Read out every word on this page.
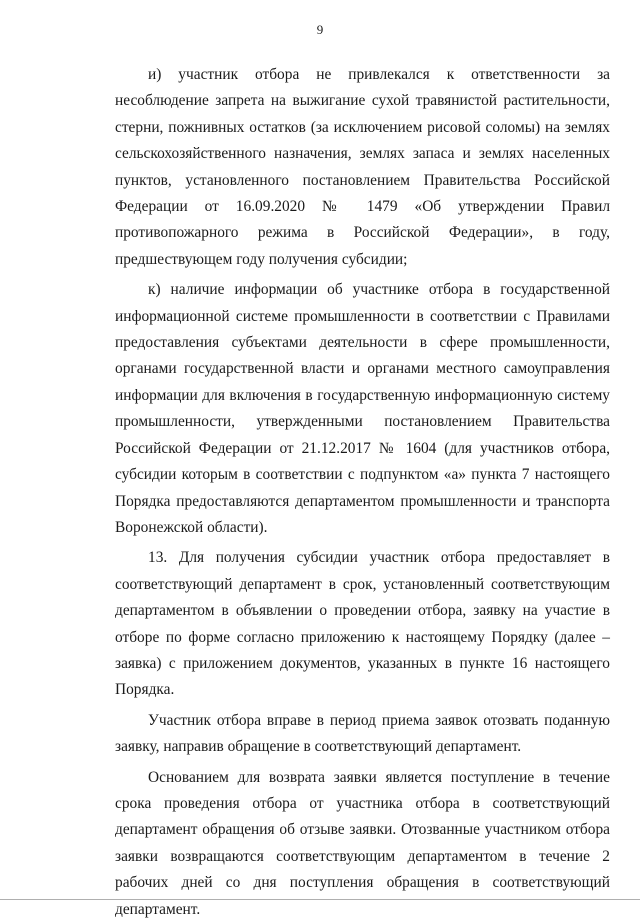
9

и) участник отбора не привлекался к ответственности за несоблюдение запрета на выжигание сухой травянистой растительности, стерни, пожнивных остатков (за исключением рисовой соломы) на землях сельскохозяйственного назначения, землях запаса и землях населенных пунктов, установленного постановлением Правительства Российской Федерации от 16.09.2020 № 1479 «Об утверждении Правил противопожарного режима в Российской Федерации», в году, предшествующем году получения субсидии;

к) наличие информации об участнике отбора в государственной информационной системе промышленности в соответствии с Правилами предоставления субъектами деятельности в сфере промышленности, органами государственной власти и органами местного самоуправления информации для включения в государственную информационную систему промышленности, утвержденными постановлением Правительства Российской Федерации от 21.12.2017 № 1604 (для участников отбора, субсидии которым в соответствии с подпунктом «а» пункта 7 настоящего Порядка предоставляются департаментом промышленности и транспорта Воронежской области).

13. Для получения субсидии участник отбора предоставляет в соответствующий департамент в срок, установленный соответствующим департаментом в объявлении о проведении отбора, заявку на участие в отборе по форме согласно приложению к настоящему Порядку (далее – заявка) с приложением документов, указанных в пункте 16 настоящего Порядка.

Участник отбора вправе в период приема заявок отозвать поданную заявку, направив обращение в соответствующий департамент.

Основанием для возврата заявки является поступление в течение срока проведения отбора от участника отбора в соответствующий департамент обращения об отзыве заявки. Отозванные участником отбора заявки возвращаются соответствующим департаментом в течение 2 рабочих дней со дня поступления обращения в соответствующий департамент.
